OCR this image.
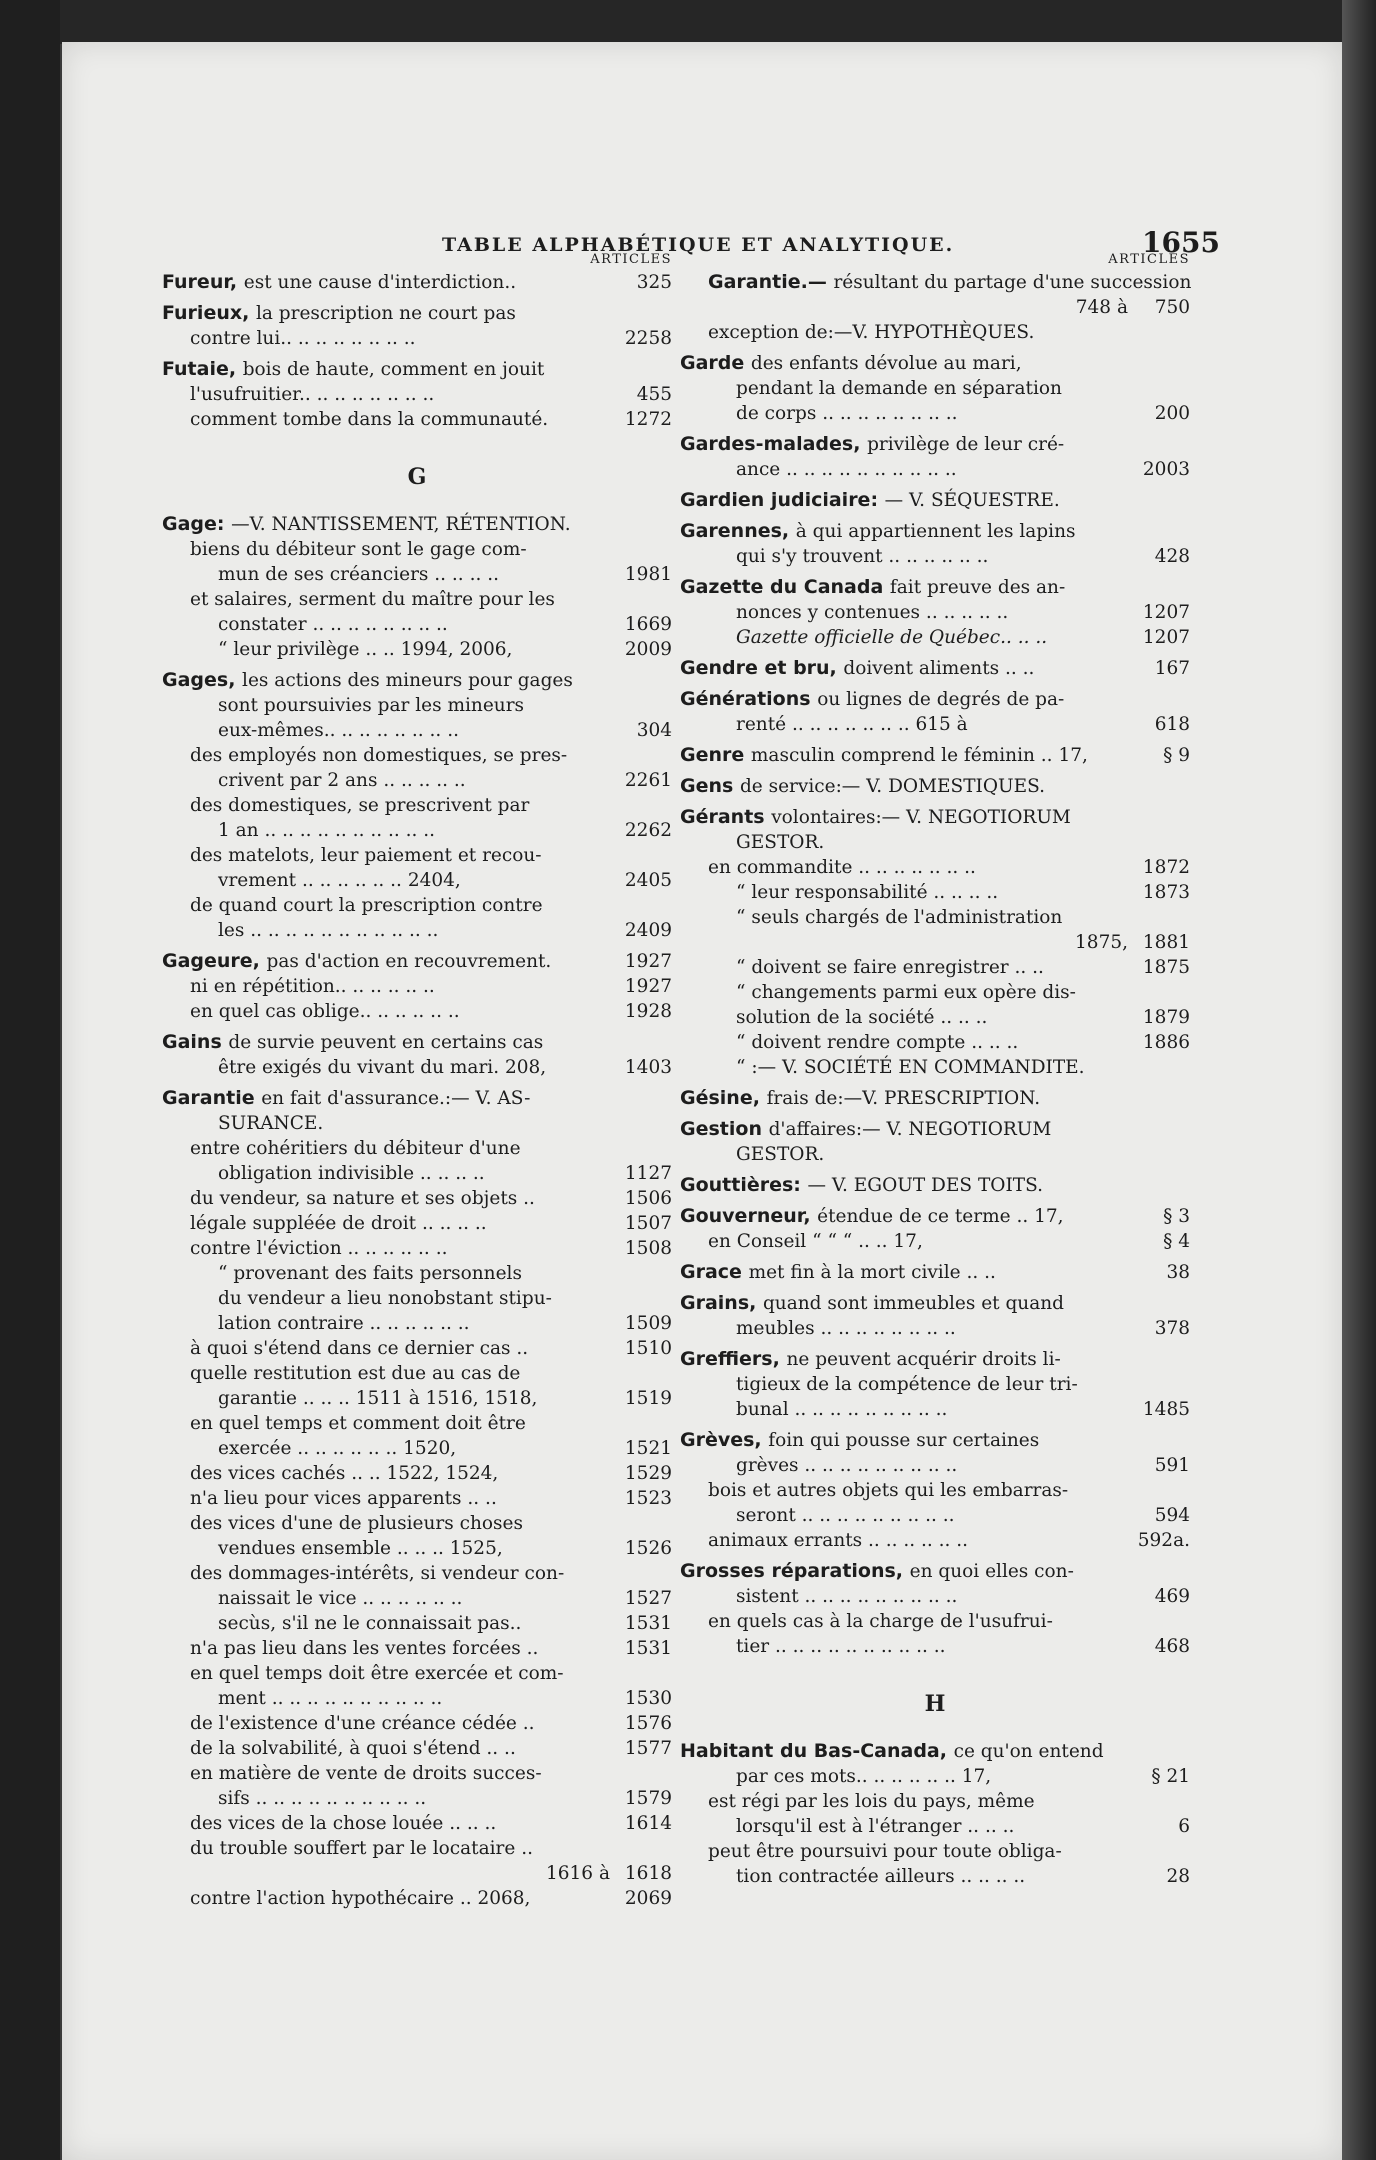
TABLE ALPHABÉTIQUE ET ANALYTIQUE.	1655
ARTICLES
Fureur, est une cause d'interdiction..	325
Furieux, la prescription ne court pas
contre lui.. .. .. .. .. .. .. ..	2258
Futaie, bois de haute, comment en jouit
l'usufruitier.. .. .. .. .. .. .. ..	455
comment tombe dans la communauté.	1272
G
Gage: —V. NANTISSEMENT, RÉTENTION.
biens du débiteur sont le gage com-
mun de ses créanciers .. .. .. ..	1981
et salaires, serment du maître pour les
constater .. .. .. .. .. .. .. ..	1669
“ leur privilège .. .. 1994, 2006,	2009
Gages, les actions des mineurs pour gages
sont poursuivies par les mineurs
eux-mêmes.. .. .. .. .. .. .. ..	304
des employés non domestiques, se pres-
crivent par 2 ans .. .. .. .. ..	2261
des domestiques, se prescrivent par
1 an .. .. .. .. .. .. .. .. .. ..	2262
des matelots, leur paiement et recou-
vrement .. .. .. .. .. .. 2404,	2405
de quand court la prescription contre
les .. .. .. .. .. .. .. .. .. .. ..	2409
Gageure, pas d'action en recouvrement.	1927
ni en répétition.. .. .. .. .. ..	1927
en quel cas oblige.. .. .. .. .. ..	1928
Gains de survie peuvent en certains cas
être exigés du vivant du mari. 208,	1403
Garantie en fait d'assurance.:— V. AS-
SURANCE.
entre cohéritiers du débiteur d'une
obligation indivisible .. .. .. ..	1127
du vendeur, sa nature et ses objets ..	1506
légale suppléée de droit .. .. .. ..	1507
contre l'éviction .. .. .. .. .. ..	1508
“ provenant des faits personnels
du vendeur a lieu nonobstant stipu-
lation contraire .. .. .. .. .. ..	1509
à quoi s'étend dans ce dernier cas ..	1510
quelle restitution est due au cas de
garantie .. .. .. 1511 à 1516, 1518,	1519
en quel temps et comment doit être
exercée .. .. .. .. .. .. 1520,	1521
des vices cachés .. .. 1522, 1524,	1529
n'a lieu pour vices apparents .. ..	1523
des vices d'une de plusieurs choses
vendues ensemble .. .. .. 1525,	1526
des dommages-intérêts, si vendeur con-
naissait le vice .. .. .. .. .. ..	1527
secùs, s'il ne le connaissait pas..	1531
n'a pas lieu dans les ventes forcées ..	1531
en quel temps doit être exercée et com-
ment .. .. .. .. .. .. .. .. .. ..	1530
de l'existence d'une créance cédée ..	1576
de la solvabilité, à quoi s'étend .. ..	1577
en matière de vente de droits succes-
sifs .. .. .. .. .. .. .. .. .. ..	1579
des vices de la chose louée .. .. ..	1614
du trouble souffert par le locataire ..
1616 à 1618
contre l'action hypothécaire .. 2068,	2069
ARTICLES
Garantie.— résultant du partage d'une succession
748 à 750
exception de:—V. HYPOTHÈQUES.
Garde des enfants dévolue au mari,
pendant la demande en séparation
de corps .. .. .. .. .. .. .. ..	200
Gardes-malades, privilège de leur cré-
ance .. .. .. .. .. .. .. .. .. ..	2003
Gardien judiciaire: — V. SÉQUESTRE.
Garennes, à qui appartiennent les lapins
qui s'y trouvent .. .. .. .. .. ..	428
Gazette du Canada fait preuve des an-
nonces y contenues .. .. .. .. ..	1207
Gazette officielle de Québec.. .. ..	1207
Gendre et bru, doivent aliments .. ..	167
Générations ou lignes de degrés de pa-
renté .. .. .. .. .. .. .. 615 à	618
Genre masculin comprend le féminin .. 17,	§ 9
Gens de service:— V. DOMESTIQUES.
Gérants volontaires:— V. NEGOTIORUM
GESTOR.
en commandite .. .. .. .. .. .. ..	1872
“ leur responsabilité .. .. .. ..	1873
“ seuls chargés de l'administration
1875, 1881
“ doivent se faire enregistrer .. ..	1875
“ changements parmi eux opère dis-
solution de la société .. .. ..	1879
“ doivent rendre compte .. .. ..	1886
“ :— V. SOCIÉTÉ EN COMMANDITE.
Gésine, frais de:—V. PRESCRIPTION.
Gestion d'affaires:— V. NEGOTIORUM
GESTOR.
Gouttières: — V. EGOUT DES TOITS.
Gouverneur, étendue de ce terme .. 17,	§ 3
en Conseil “ “ “ .. .. 17,	§ 4
Grace met fin à la mort civile .. ..	38
Grains, quand sont immeubles et quand
meubles .. .. .. .. .. .. .. ..	378
Greffiers, ne peuvent acquérir droits li-
tigieux de la compétence de leur tri-
bunal .. .. .. .. .. .. .. .. ..	1485
Grèves, foin qui pousse sur certaines
grèves .. .. .. .. .. .. .. .. ..	591
bois et autres objets qui les embarras-
seront .. .. .. .. .. .. .. .. ..	594
animaux errants .. .. .. .. .. ..	592a.
Grosses réparations, en quoi elles con-
sistent .. .. .. .. .. .. .. .. ..	469
en quels cas à la charge de l'usufrui-
tier .. .. .. .. .. .. .. .. .. ..	468
H
Habitant du Bas-Canada, ce qu'on entend
par ces mots.. .. .. .. .. .. 17,	§ 21
est régi par les lois du pays, même
lorsqu'il est à l'étranger .. .. ..	6
peut être poursuivi pour toute obliga-
tion contractée ailleurs .. .. .. ..	28
